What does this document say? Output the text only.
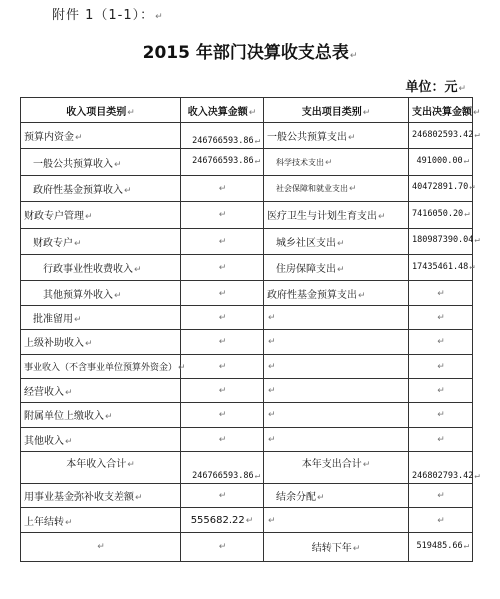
附件 1（1-1）：↵
2015 年部门决算收支总表↵
单位：元↵
收入项目类别↵	收入决算金额↵	支出项目类别↵	支出决算金额↵
预算内资金↵	246766593.86↵	一般公共预算支出↵	246802593.42↵
一般公共预算收入↵	246766593.86↵	科学技术支出↵	491000.00↵
政府性基金预算收入↵	↵	社会保障和就业支出↵	40472891.70↵
财政专户管理↵	↵	医疗卫生与计划生育支出↵	7416050.20↵
财政专户↵	↵	城乡社区支出↵	180987390.04↵
行政事业性收费收入↵	↵	住房保障支出↵	17435461.48↵
其他预算外收入↵	↵	政府性基金预算支出↵	↵
批准留用↵	↵	↵	↵
上级补助收入↵	↵	↵	↵
事业收入（不含事业单位预算外资金）↵	↵	↵	↵
经营收入↵	↵	↵	↵
附属单位上缴收入↵	↵	↵	↵
其他收入↵	↵	↵	↵
本年收入合计↵	246766593.86↵	本年支出合计↵	246802793.42↵
用事业基金弥补收支差额↵	↵	结余分配↵	↵
上年结转↵	555682.22↵	↵	↵
↵	↵	结转下年↵	519485.66↵
